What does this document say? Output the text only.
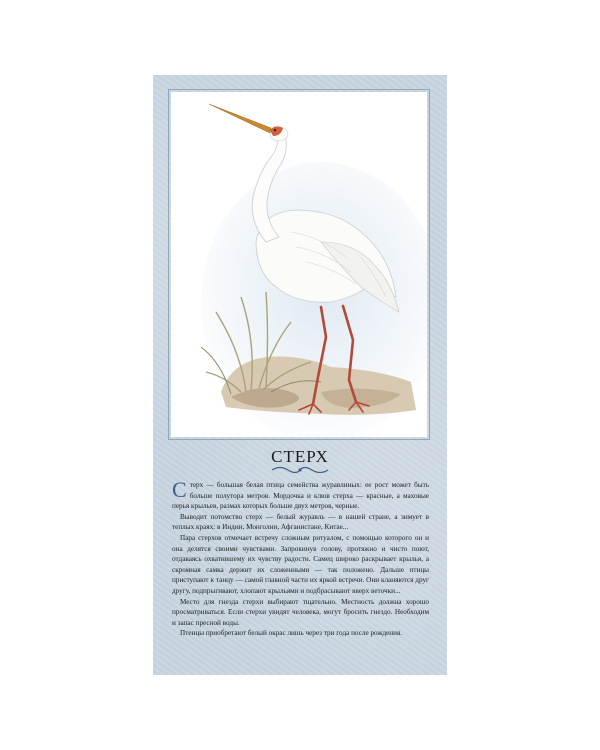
СТЕРХ

Стерх — большая белая птица семейства журавлиных: ее рост может быть больше полутора метров. Мордочка и клюв стерха — красные, а маховые перья крыльев, размах которых больше двух метров, черные.

Выводит потомство стерх — белый журавль — в нашей стране, а зимует в теплых краях: в Индии, Монголии, Афганистане, Китае...

Пара стерхов отмечает встречу сложным ритуалом, с помощью которого он и она делятся своими чувствами. Запрокинув голову, протяжно и чисто поют, отдаваясь охватившему их чувству радости. Самец широко раскрывает крылья, а скромная самка держит их сложенными — так положено. Дальше птицы приступают к танцу — самой главной части их яркой встречи. Они кланяются друг другу, подпрыгивают, хлопают крыльями и подбрасывают вверх веточки...

Место для гнезда стерхи выбирают тщательно. Местность должна хорошо просматриваться. Если стерхи увидят человека, могут бросить гнездо. Необходим и запас пресной воды.

Птенцы приобретают белый окрас лишь через три года после рождения.
